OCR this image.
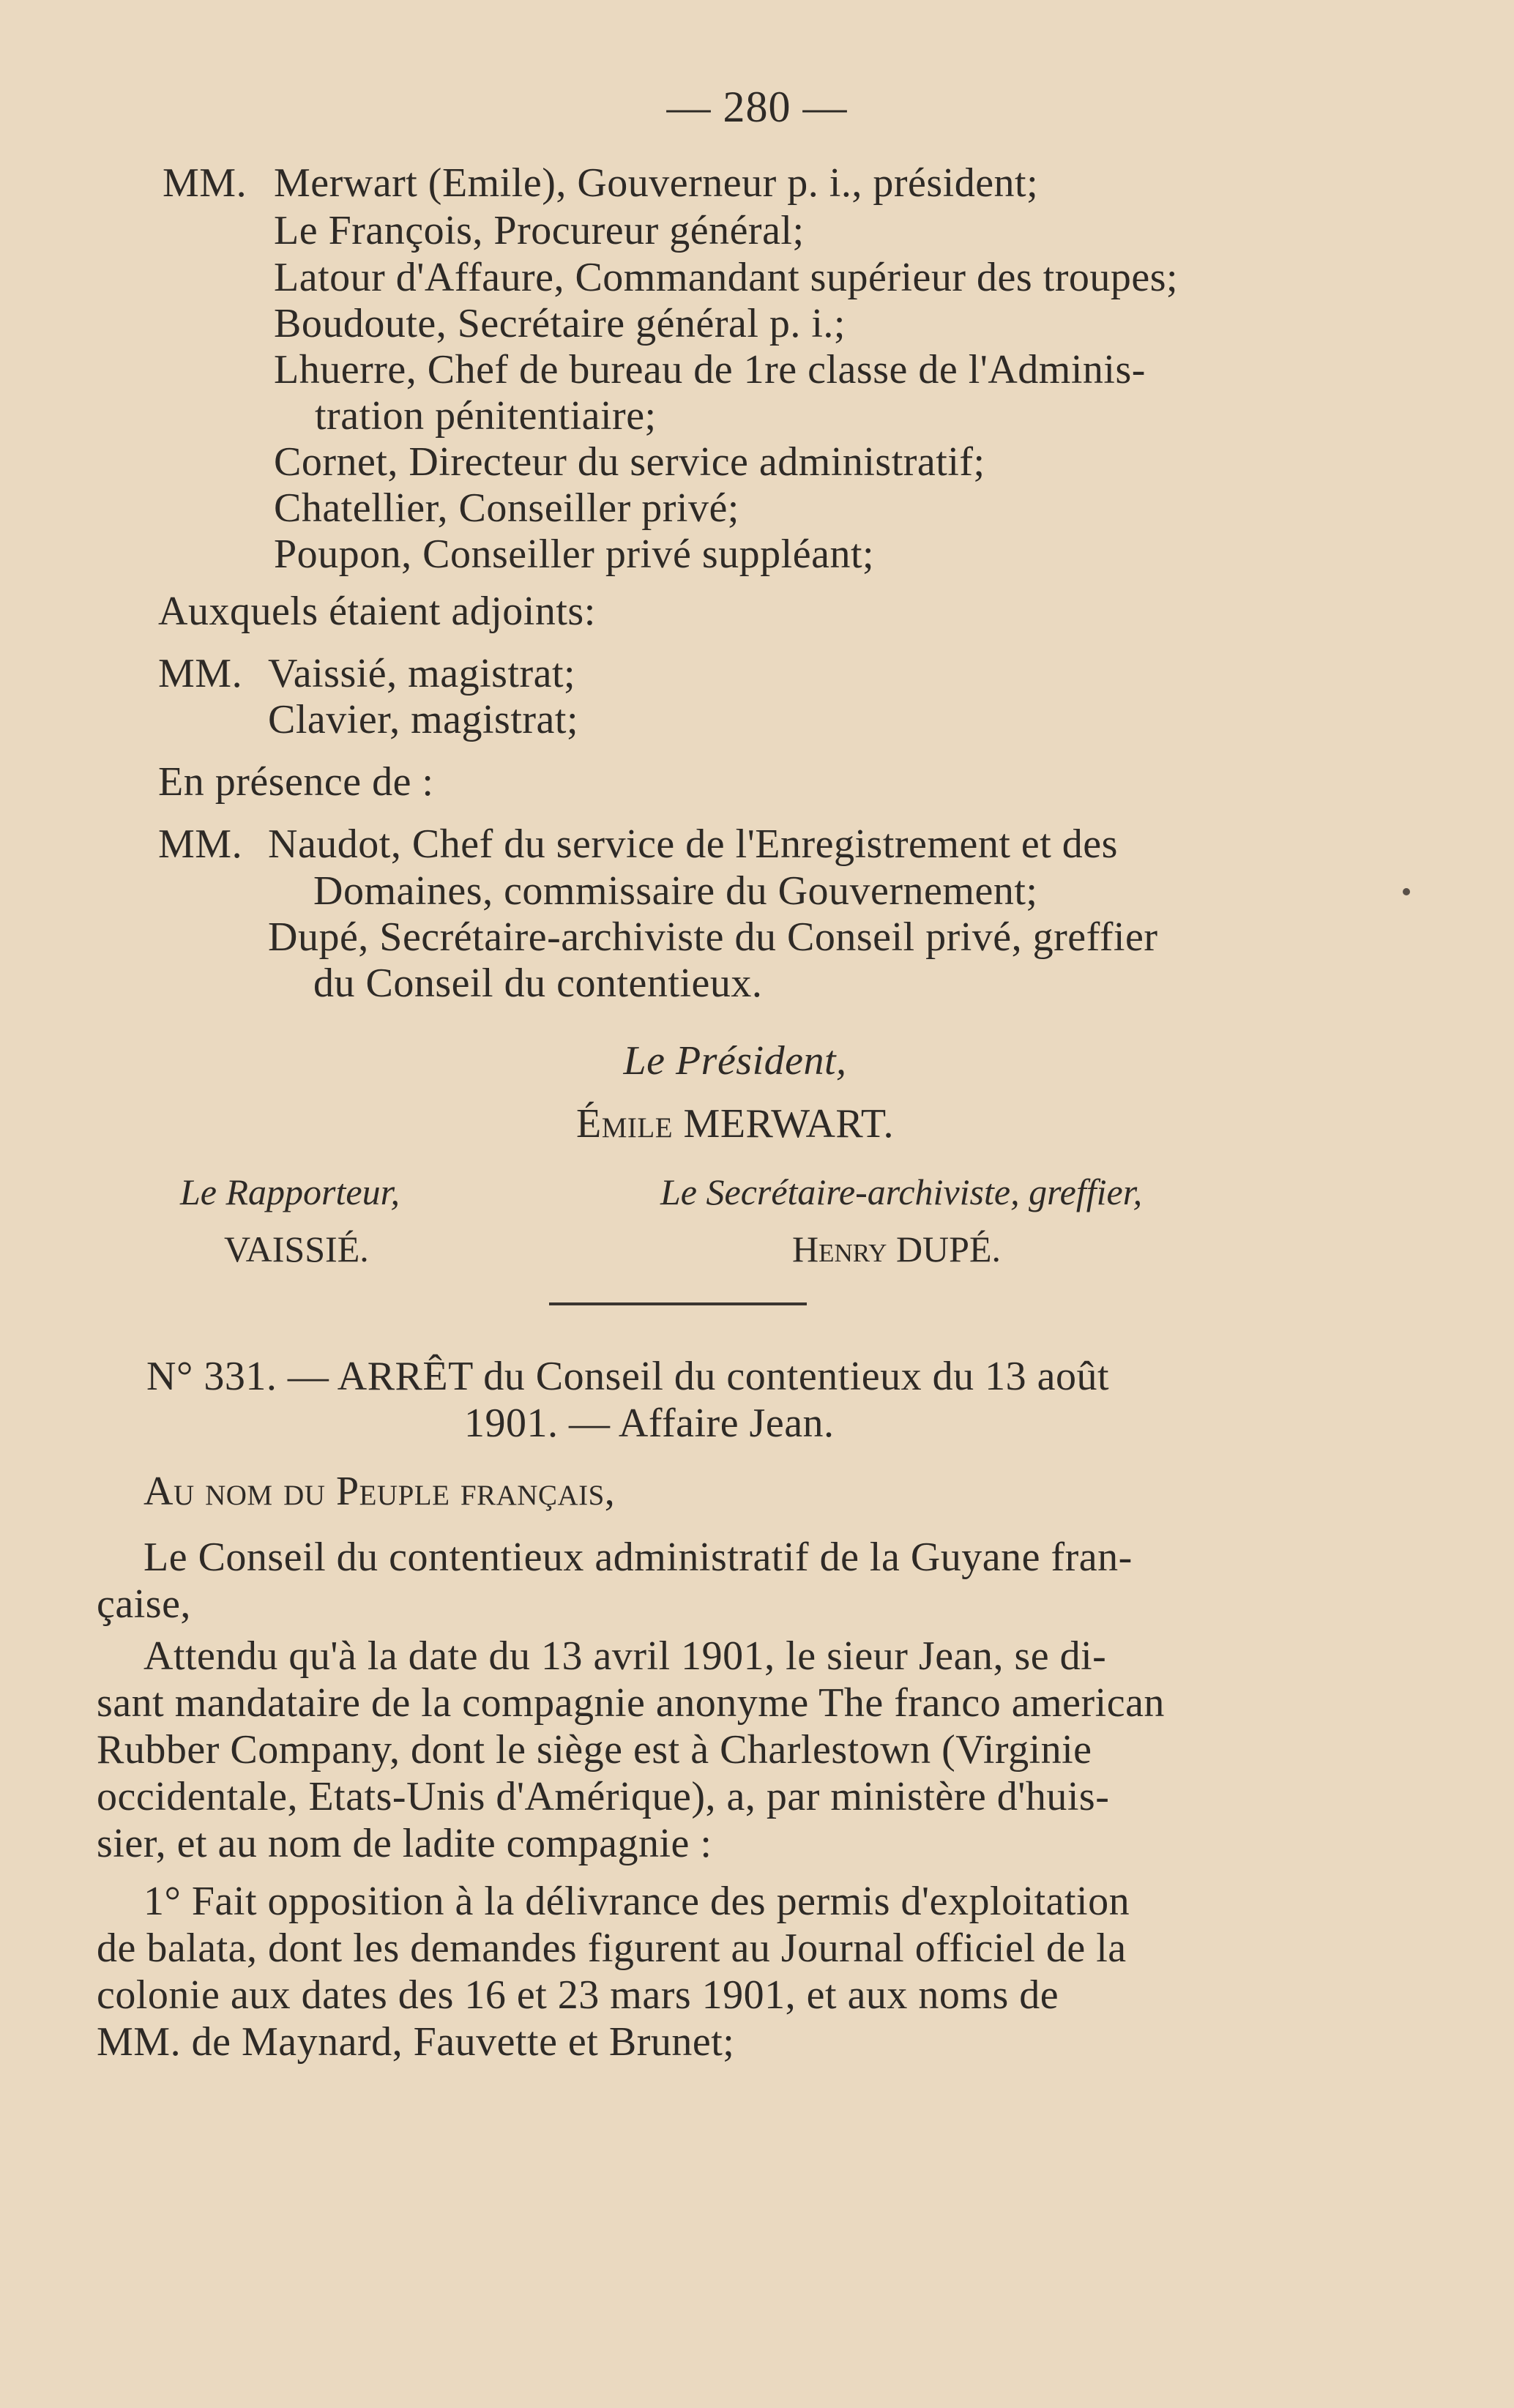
— 280 —
MM. Merwart (Emile), Gouverneur p. i., président;
Le François, Procureur général;
Latour d'Affaure, Commandant supérieur des troupes;
Boudoute, Secrétaire général p. i.;
Lhuerre, Chef de bureau de 1re classe de l'Adminis-
tration pénitentiaire;
Cornet, Directeur du service administratif;
Chatellier, Conseiller privé;
Poupon, Conseiller privé suppléant;
Auxquels étaient adjoints:
MM. Vaissié, magistrat;
Clavier, magistrat;
En présence de :
MM. Naudot, Chef du service de l'Enregistrement et des
Domaines, commissaire du Gouvernement;
Dupé, Secrétaire-archiviste du Conseil privé, greffier
du Conseil du contentieux.
Le Président,
Émile MERWART.
Le Rapporteur,
VAISSIÉ.
Le Secrétaire-archiviste, greffier,
Henry DUPÉ.
N° 331. — ARRÊT du Conseil du contentieux du 13 août
1901. — Affaire Jean.
Au nom du Peuple français,
Le Conseil du contentieux administratif de la Guyane fran-
çaise,
Attendu qu'à la date du 13 avril 1901, le sieur Jean, se di-
sant mandataire de la compagnie anonyme The franco american
Rubber Company, dont le siège est à Charlestown (Virginie
occidentale, Etats-Unis d'Amérique), a, par ministère d'huis-
sier, et au nom de ladite compagnie :
1° Fait opposition à la délivrance des permis d'exploitation
de balata, dont les demandes figurent au Journal officiel de la
colonie aux dates des 16 et 23 mars 1901, et aux noms de
MM. de Maynard, Fauvette et Brunet;
